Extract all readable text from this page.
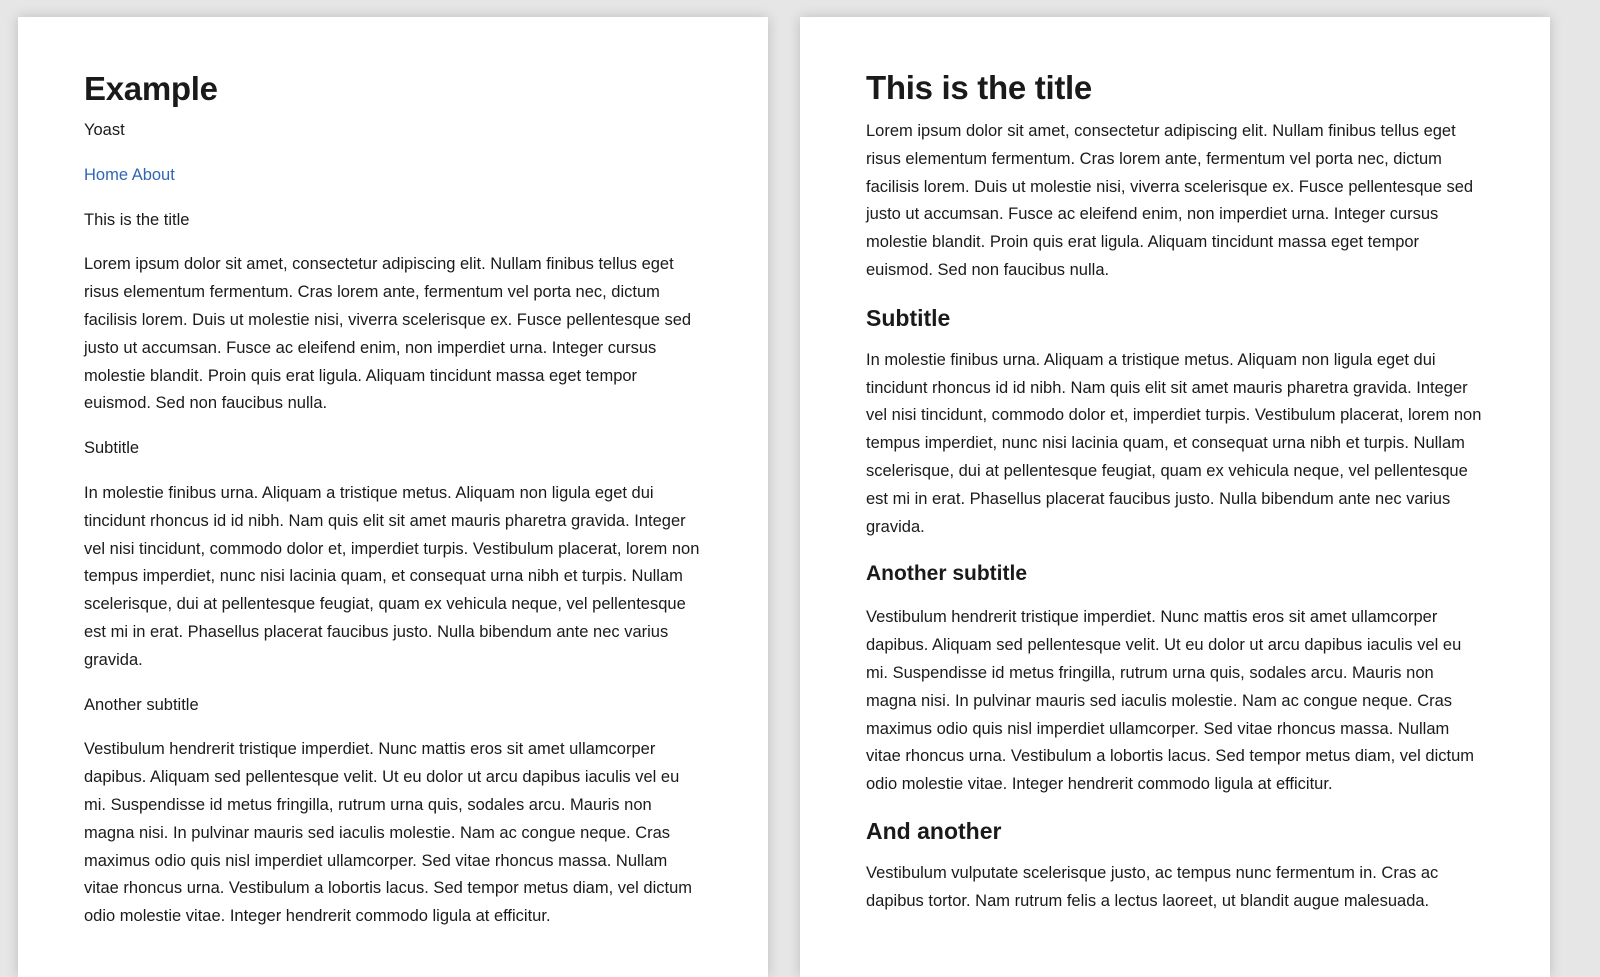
Example

Yoast

Home About

This is the title

Lorem ipsum dolor sit amet, consectetur adipiscing elit. Nullam finibus tellus eget risus elementum fermentum. Cras lorem ante, fermentum vel porta nec, dictum facilisis lorem. Duis ut molestie nisi, viverra scelerisque ex. Fusce pellentesque sed justo ut accumsan. Fusce ac eleifend enim, non imperdiet urna. Integer cursus molestie blandit. Proin quis erat ligula. Aliquam tincidunt massa eget tempor euismod. Sed non faucibus nulla.

Subtitle

In molestie finibus urna. Aliquam a tristique metus. Aliquam non ligula eget dui tincidunt rhoncus id id nibh. Nam quis elit sit amet mauris pharetra gravida. Integer vel nisi tincidunt, commodo dolor et, imperdiet turpis. Vestibulum placerat, lorem non tempus imperdiet, nunc nisi lacinia quam, et consequat urna nibh et turpis. Nullam scelerisque, dui at pellentesque feugiat, quam ex vehicula neque, vel pellentesque est mi in erat. Phasellus placerat faucibus justo. Nulla bibendum ante nec varius gravida.

Another subtitle

Vestibulum hendrerit tristique imperdiet. Nunc mattis eros sit amet ullamcorper dapibus. Aliquam sed pellentesque velit. Ut eu dolor ut arcu dapibus iaculis vel eu mi. Suspendisse id metus fringilla, rutrum urna quis, sodales arcu. Mauris non magna nisi. In pulvinar mauris sed iaculis molestie. Nam ac congue neque. Cras maximus odio quis nisl imperdiet ullamcorper. Sed vitae rhoncus massa. Nullam vitae rhoncus urna. Vestibulum a lobortis lacus. Sed tempor metus diam, vel dictum odio molestie vitae. Integer hendrerit commodo ligula at efficitur.

This is the title

Lorem ipsum dolor sit amet, consectetur adipiscing elit. Nullam finibus tellus eget risus elementum fermentum. Cras lorem ante, fermentum vel porta nec, dictum facilisis lorem. Duis ut molestie nisi, viverra scelerisque ex. Fusce pellentesque sed justo ut accumsan. Fusce ac eleifend enim, non imperdiet urna. Integer cursus molestie blandit. Proin quis erat ligula. Aliquam tincidunt massa eget tempor euismod. Sed non faucibus nulla.

Subtitle

In molestie finibus urna. Aliquam a tristique metus. Aliquam non ligula eget dui tincidunt rhoncus id id nibh. Nam quis elit sit amet mauris pharetra gravida. Integer vel nisi tincidunt, commodo dolor et, imperdiet turpis. Vestibulum placerat, lorem non tempus imperdiet, nunc nisi lacinia quam, et consequat urna nibh et turpis. Nullam scelerisque, dui at pellentesque feugiat, quam ex vehicula neque, vel pellentesque est mi in erat. Phasellus placerat faucibus justo. Nulla bibendum ante nec varius gravida.

Another subtitle

Vestibulum hendrerit tristique imperdiet. Nunc mattis eros sit amet ullamcorper dapibus. Aliquam sed pellentesque velit. Ut eu dolor ut arcu dapibus iaculis vel eu mi. Suspendisse id metus fringilla, rutrum urna quis, sodales arcu. Mauris non magna nisi. In pulvinar mauris sed iaculis molestie. Nam ac congue neque. Cras maximus odio quis nisl imperdiet ullamcorper. Sed vitae rhoncus massa. Nullam vitae rhoncus urna. Vestibulum a lobortis lacus. Sed tempor metus diam, vel dictum odio molestie vitae. Integer hendrerit commodo ligula at efficitur.

And another

Vestibulum vulputate scelerisque justo, ac tempus nunc fermentum in. Cras ac dapibus tortor. Nam rutrum felis a lectus laoreet, ut blandit augue malesuada.
